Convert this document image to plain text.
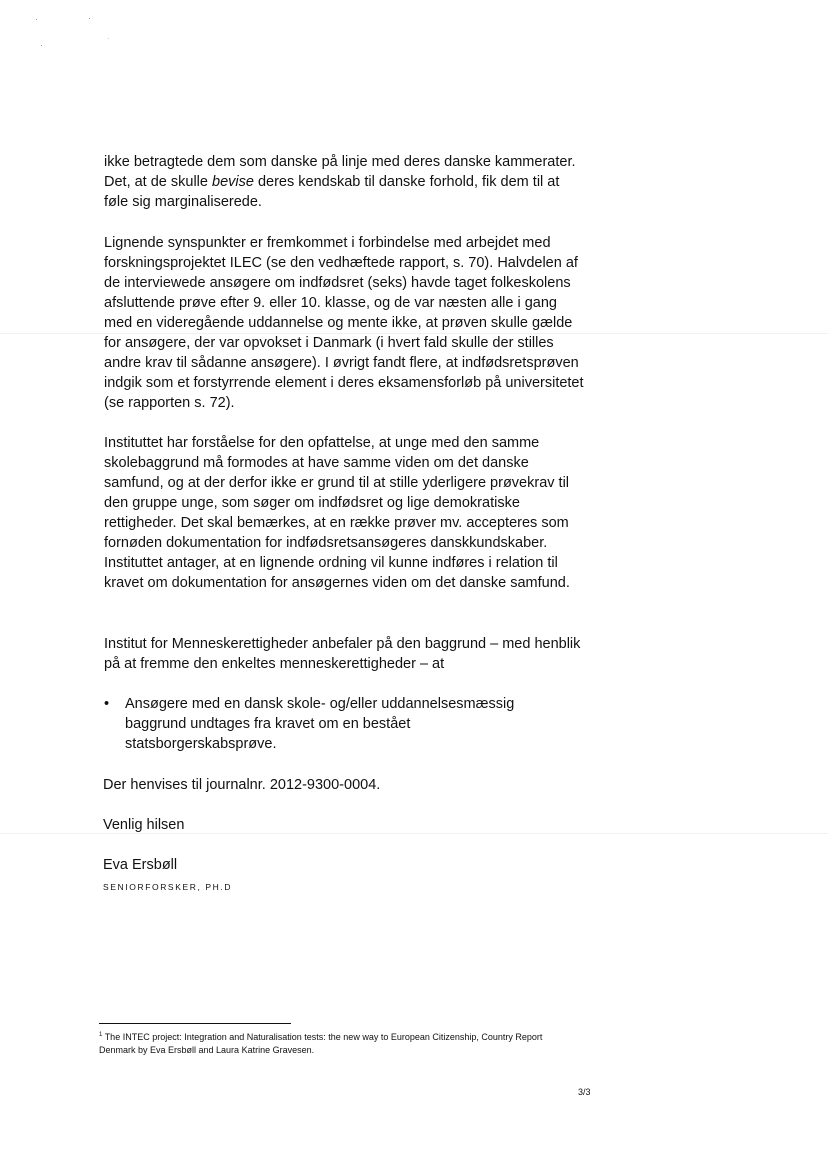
ikke betragtede dem som danske på linje med deres danske kammerater. Det, at de skulle bevise deres kendskab til danske forhold, fik dem til at føle sig marginaliserede.
Lignende synspunkter er fremkommet i forbindelse med arbejdet med forskningsprojektet ILEC (se den vedhæftede rapport, s. 70). Halvdelen af de interviewede ansøgere om indfødsret (seks) havde taget folkeskolens afsluttende prøve efter 9. eller 10. klasse, og de var næsten alle i gang med en videregående uddannelse og mente ikke, at prøven skulle gælde for ansøgere, der var opvokset i Danmark (i hvert fald skulle der stilles andre krav til sådanne ansøgere). I øvrigt fandt flere, at indfødsretsprøven indgik som et forstyrrende element i deres eksamensforløb på universitetet (se rapporten s. 72).
Instituttet har forståelse for den opfattelse, at unge med den samme skolebaggrund må formodes at have samme viden om det danske samfund, og at der derfor ikke er grund til at stille yderligere prøvekrav til den gruppe unge, som søger om indfødsret og lige demokratiske rettigheder. Det skal bemærkes, at en række prøver mv. accepteres som fornøden dokumentation for indfødsretsansøgeres danskkundskaber. Instituttet antager, at en lignende ordning vil kunne indføres i relation til kravet om dokumentation for ansøgernes viden om det danske samfund.
Institut for Menneskerettigheder anbefaler på den baggrund – med henblik på at fremme den enkeltes menneskerettigheder – at
•	Ansøgere med en dansk skole- og/eller uddannelsesmæssig baggrund undtages fra kravet om en bestået statsborgerskabsprøve.
Der henvises til journalnr. 2012-9300-0004.
Venlig hilsen
Eva Ersbøll
SENIORFORSKER, PH.D
$^1$ The INTEC project: Integration and Naturalisation tests: the new way to European Citizenship, Country Report Denmark by Eva Ersbøll and Laura Katrine Gravesen.
3/3
